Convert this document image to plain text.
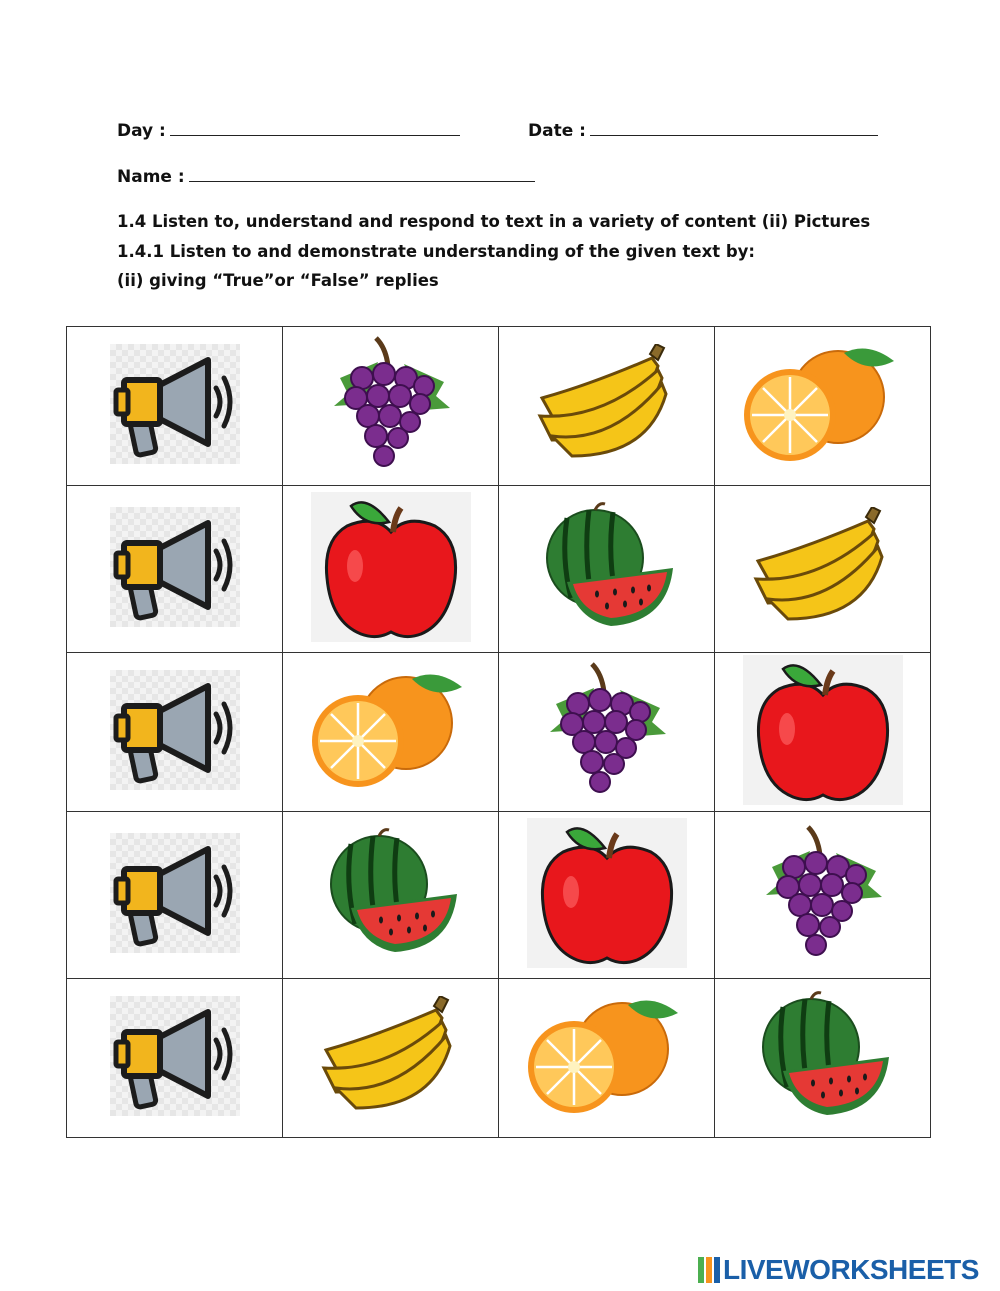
Day :	Date :
Name :
1.4 Listen to, understand and respond to text in a variety of content (ii) Pictures
1.4.1 Listen to and demonstrate understanding of the given text by:
(ii) giving “True”or “False” replies

LIVEWORKSHEETS
